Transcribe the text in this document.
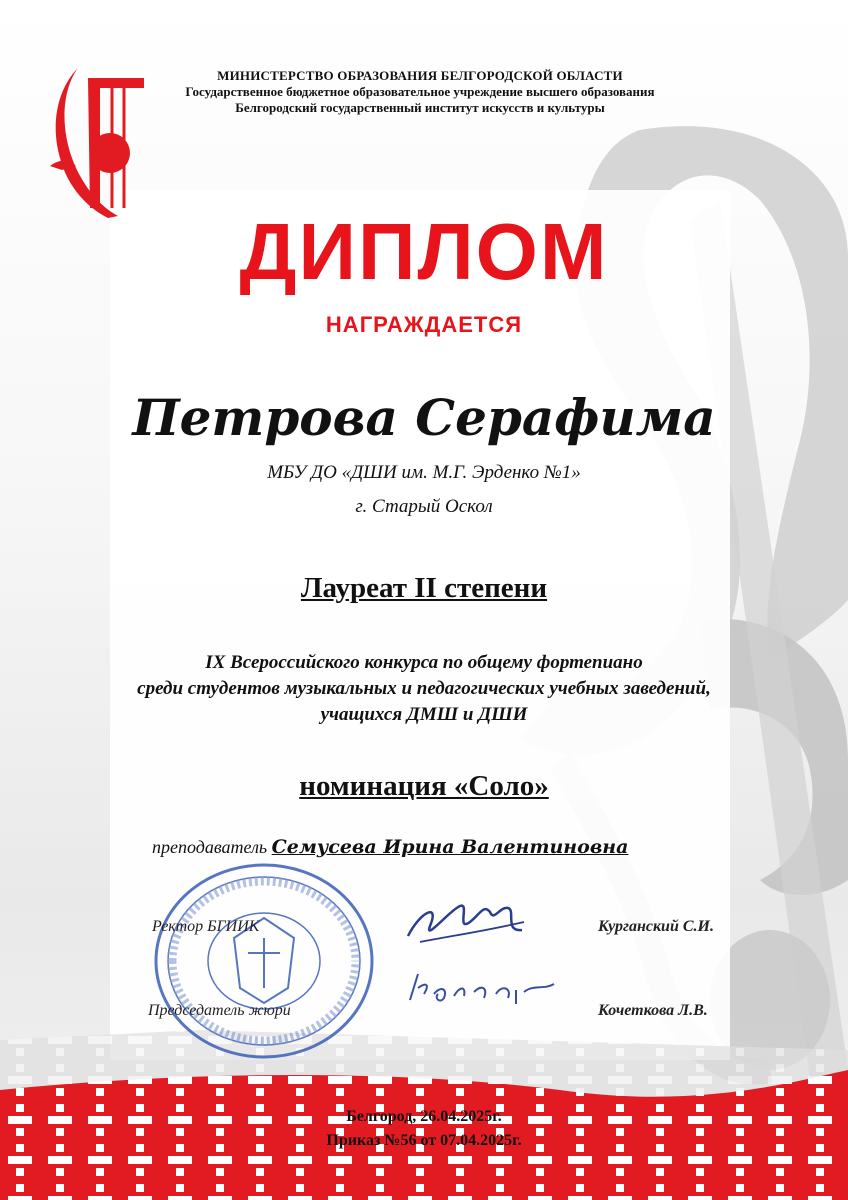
МИНИСТЕРСТВО ОБРАЗОВАНИЯ БЕЛГОРОДСКОЙ ОБЛАСТИ
Государственное бюджетное образовательное учреждение высшего образования
Белгородский государственный институт искусств и культуры
ДИПЛОМ
НАГРАЖДАЕТСЯ
Петрова Серафима
МБУ ДО «ДШИ им. М.Г. Эрденко №1»
г. Старый Оскол
Лауреат II степени
IX Всероссийского конкурса по общему фортепиано
среди студентов музыкальных и педагогических учебных заведений,
учащихся ДМШ и ДШИ
номинация «Соло»
преподаватель Семусева Ирина Валентиновна
Ректор БГИИК	Курганский С.И.
Председатель жюри	Кочеткова Л.В.
Белгород, 26.04.2025г.
Приказ №56 от 07.04.2025г.
